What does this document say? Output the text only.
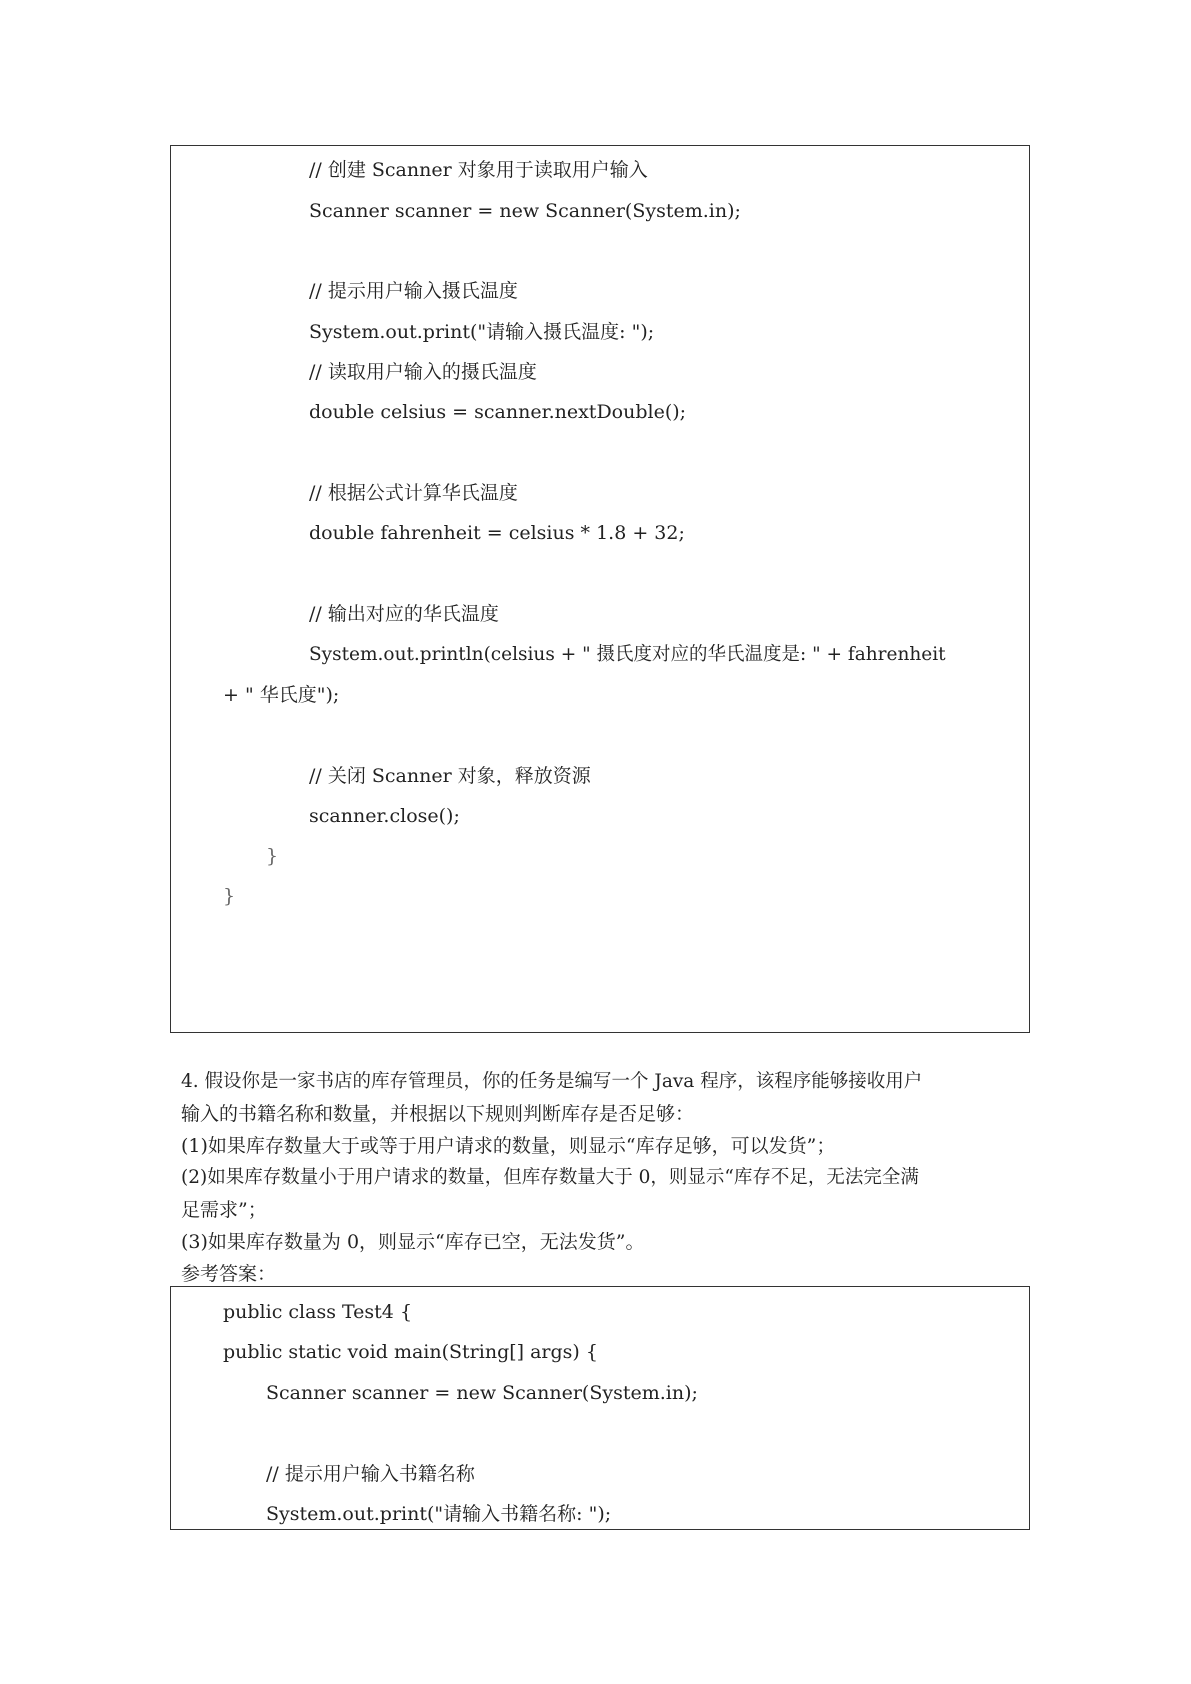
// 创建 Scanner 对象用于读取用户输入
Scanner scanner = new Scanner(System.in);
// 提示用户输入摄氏温度
System.out.print("请输入摄氏温度: ");
// 读取用户输入的摄氏温度
double celsius = scanner.nextDouble();
// 根据公式计算华氏温度
double fahrenheit = celsius * 1.8 + 32;
// 输出对应的华氏温度
System.out.println(celsius + " 摄氏度对应的华氏温度是: " + fahrenheit
+ " 华氏度");
// 关闭 Scanner 对象，释放资源
scanner.close();
}
}
4. 假设你是一家书店的库存管理员，你的任务是编写一个 Java 程序，该程序能够接收用户
输入的书籍名称和数量，并根据以下规则判断库存是否足够：
(1)如果库存数量大于或等于用户请求的数量，则显示“库存足够，可以发货”；
(2)如果库存数量小于用户请求的数量，但库存数量大于 0，则显示“库存不足，无法完全满
足需求”；
(3)如果库存数量为 0，则显示“库存已空，无法发货”。
参考答案：
public class Test4 {
public static void main(String[] args) {
Scanner scanner = new Scanner(System.in);
// 提示用户输入书籍名称
System.out.print("请输入书籍名称: ");
